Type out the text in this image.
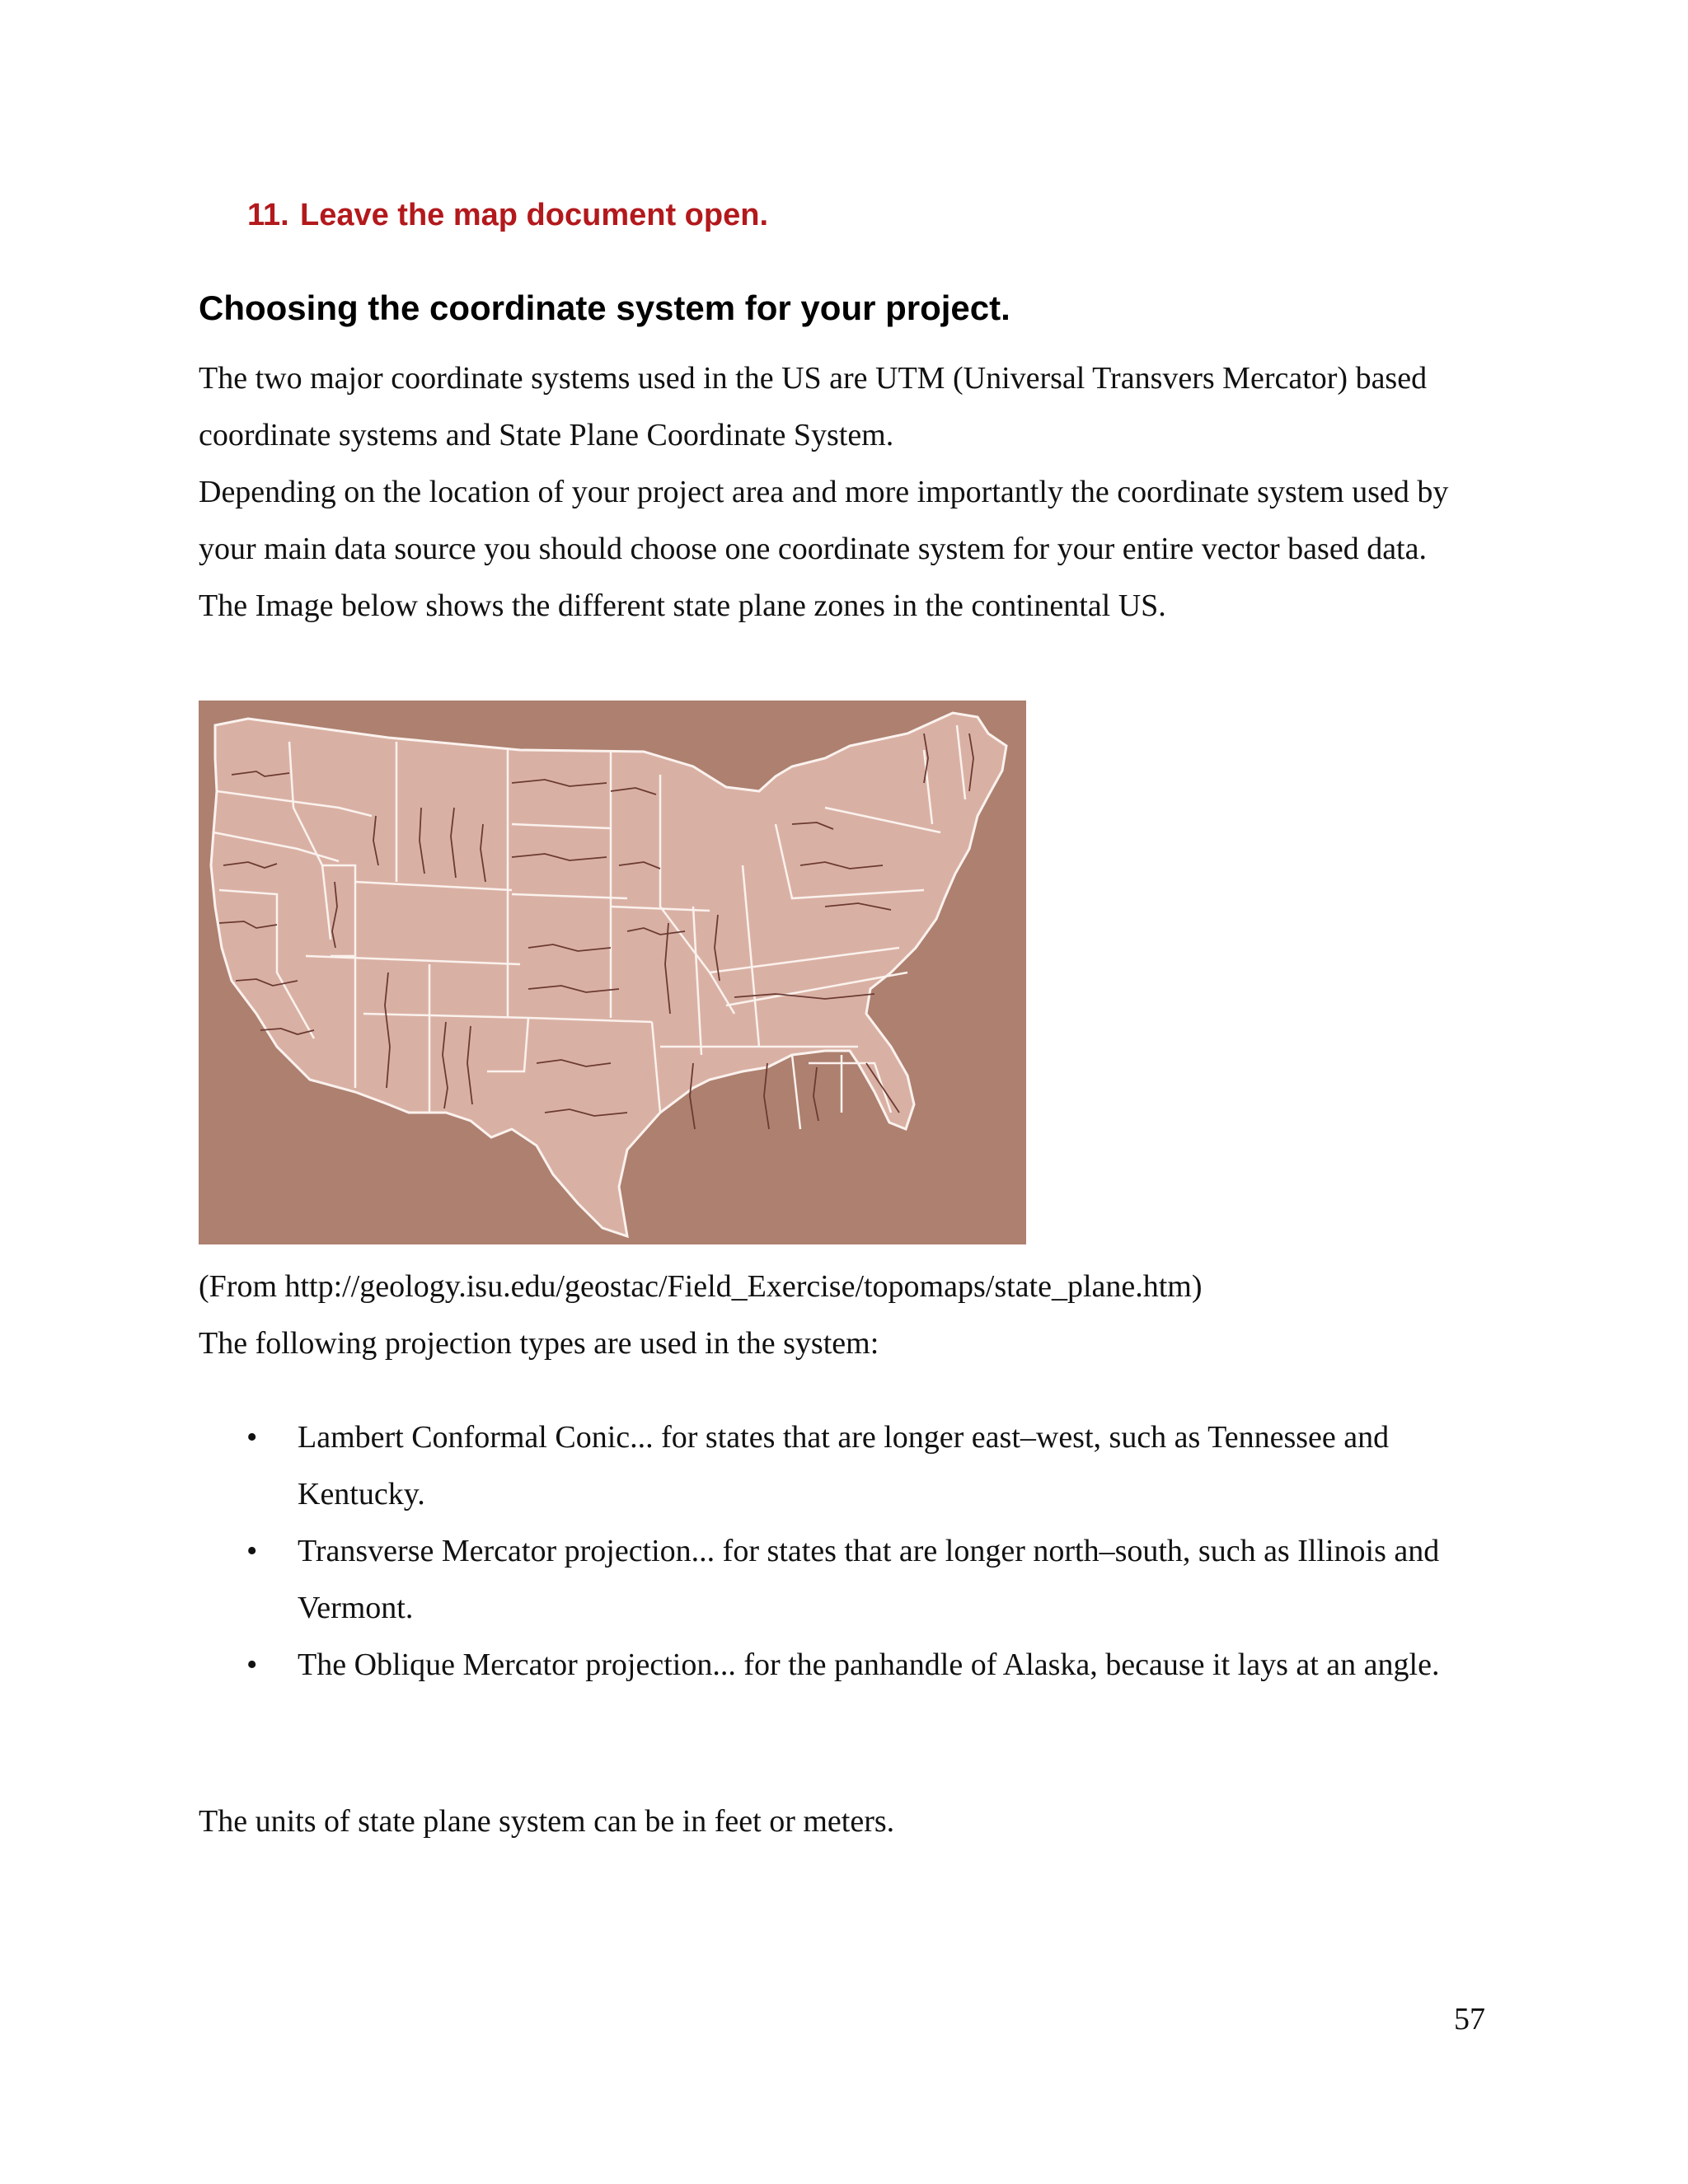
11. Leave the map document open.
Choosing the coordinate system for your project.
The two major coordinate systems used in the US are UTM (Universal Transvers Mercator) based coordinate systems and State Plane Coordinate System.
Depending on the location of your project area and more importantly the coordinate system used by your main data source you should choose one coordinate system for your entire vector based data.
The Image below shows the different state plane zones in the continental US.
(From http://geology.isu.edu/geostac/Field_Exercise/topomaps/state_plane.htm)
The following projection types are used in the system:
• Lambert Conformal Conic... for states that are longer east–west, such as Tennessee and Kentucky.
• Transverse Mercator projection... for states that are longer north–south, such as Illinois and Vermont.
• The Oblique Mercator projection... for the panhandle of Alaska, because it lays at an angle.
The units of state plane system can be in feet or meters.
57
